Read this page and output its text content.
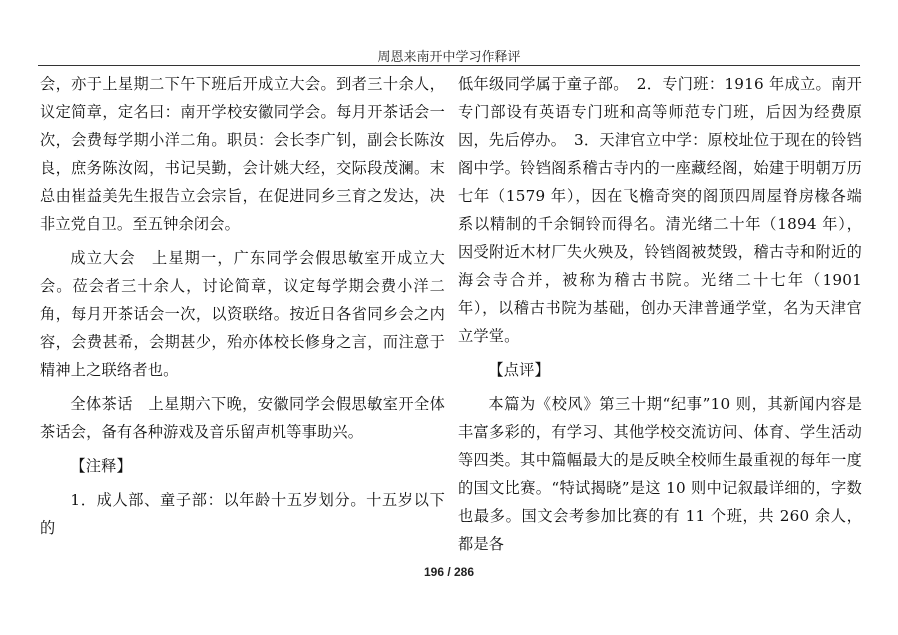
周恩来南开中学习作释评

会，亦于上星期二下午下班后开成立大会。到者三十余人，议定简章，定名曰：南开学校安徽同学会。每月开茶话会一次，会费每学期小洋二角。职员：会长李广钊，副会长陈汝良，庶务陈汝闳，书记吴勤，会计姚大经，交际段茂澜。末总由崔益美先生报告立会宗旨，在促进同乡三育之发达，决非立党自卫。至五钟余闭会。

成立大会　上星期一，广东同学会假思敏室开成立大会。莅会者三十余人，讨论简章，议定每学期会费小洋二角，每月开茶话会一次，以资联络。按近日各省同乡会之内容，会费甚希，会期甚少，殆亦体校长修身之言，而注意于精神上之联络者也。

全体茶话　上星期六下晚，安徽同学会假思敏室开全体茶话会，备有各种游戏及音乐留声机等事助兴。

【注释】

1．成人部、童子部：以年龄十五岁划分。十五岁以下的

低年级同学属于童子部。　2．专门班：1916 年成立。南开专门部设有英语专门班和高等师范专门班，后因为经费原因，先后停办。　3．天津官立中学：原校址位于现在的铃铛阁中学。铃铛阁系稽古寺内的一座藏经阁，始建于明朝万历七年（1579 年），因在飞檐奇突的阁顶四周屋脊房椽各端系以精制的千余铜铃而得名。清光绪二十年（1894 年），因受附近木材厂失火殃及，铃铛阁被焚毁，稽古寺和附近的海会寺合并，被称为稽古书院。光绪二十七年（1901 年），以稽古书院为基础，创办天津普通学堂，名为天津官立学堂。

【点评】

本篇为《校风》第三十期“纪事”10 则，其新闻内容是丰富多彩的，有学习、其他学校交流访问、体育、学生活动等四类。其中篇幅最大的是反映全校师生最重视的每年一度的国文比赛。“特试揭晓”是这 10 则中记叙最详细的，字数也最多。国文会考参加比赛的有 11 个班，共 260 余人，都是各

196 / 286
